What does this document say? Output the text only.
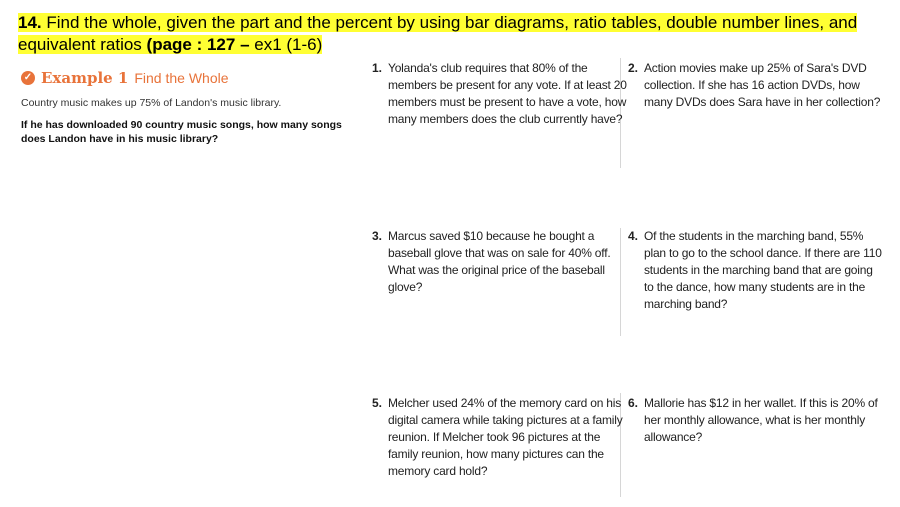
14. Find the whole, given the part and the percent by using bar diagrams, ratio tables, double number lines, and equivalent ratios (page : 127 – ex1 (1-6)
✓ Example 1 Find the Whole
Country music makes up 75% of Landon's music library.
If he has downloaded 90 country music songs, how many songs does Landon have in his music library?
1. Yolanda's club requires that 80% of the members be present for any vote. If at least 20 members must be present to have a vote, how many members does the club currently have?
2. Action movies make up 25% of Sara's DVD collection. If she has 16 action DVDs, how many DVDs does Sara have in her collection?
3. Marcus saved $10 because he bought a baseball glove that was on sale for 40% off. What was the original price of the baseball glove?
4. Of the students in the marching band, 55% plan to go to the school dance. If there are 110 students in the marching band that are going to the dance, how many students are in the marching band?
5. Melcher used 24% of the memory card on his digital camera while taking pictures at a family reunion. If Melcher took 96 pictures at the family reunion, how many pictures can the memory card hold?
6. Mallorie has $12 in her wallet. If this is 20% of her monthly allowance, what is her monthly allowance?
